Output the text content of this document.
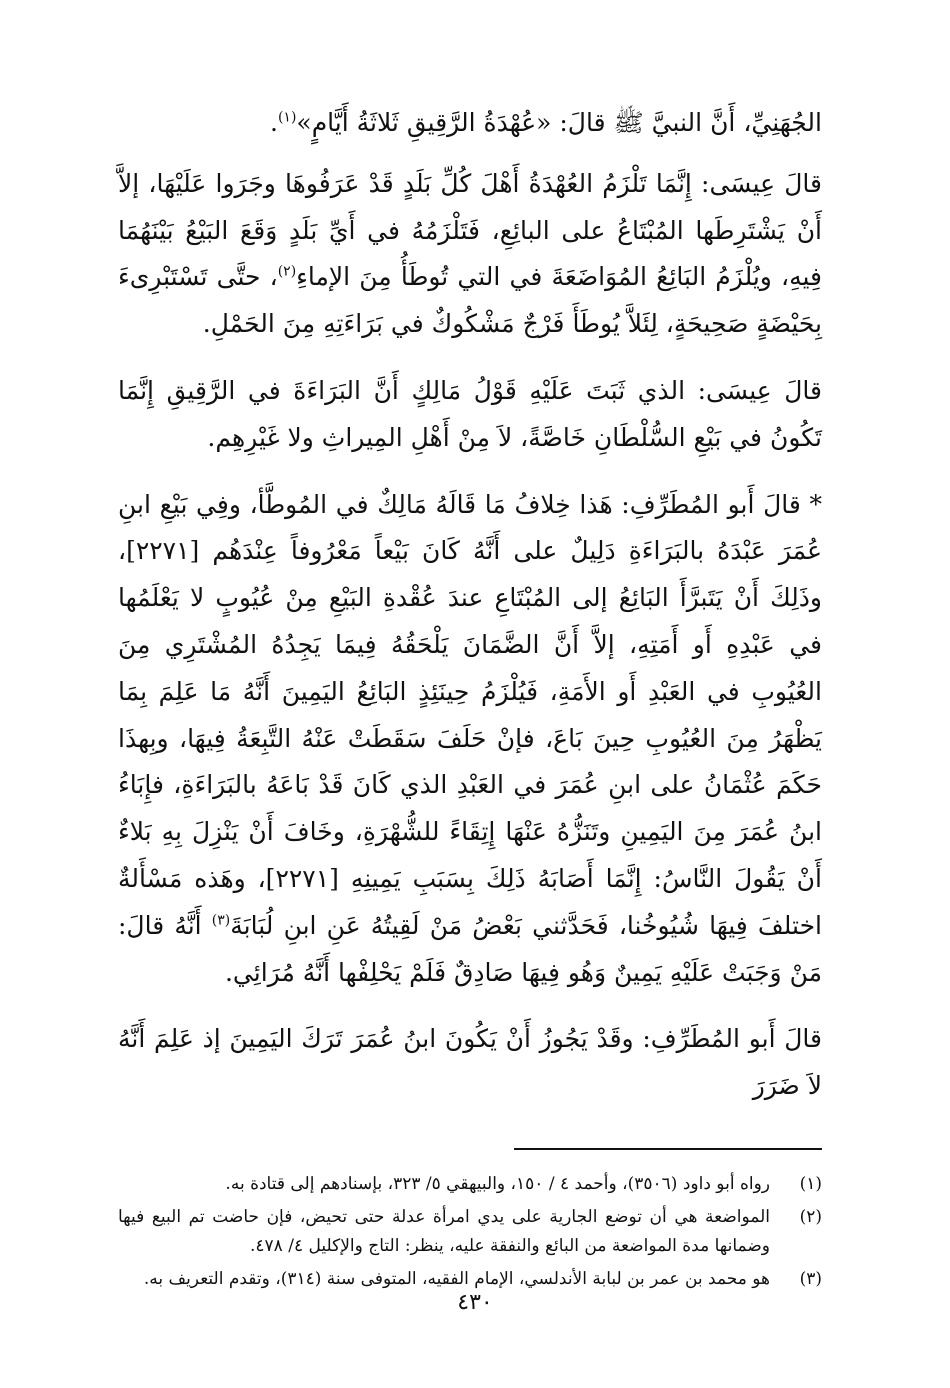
الجُهَنِيِّ، أَنَّ النبيَّ ﷺ قالَ: «عُهْدَةُ الرَّقِيقِ ثَلاثَةُ أَيَّامٍ»$^{(١)}$.

قالَ عِيسَى: إِنَّمَا تَلْزَمُ العُهْدَةُ أَهْلَ كُلِّ بَلَدٍ قَدْ عَرَفُوهَا وجَرَوا عَلَيْهَا، إلاَّ أَنْ يَشْتَرِطَها المُبْتَاعُ على البائِعِ، فَتَلْزَمُهُ في أَيِّ بَلَدٍ وَقَعَ البَيْعُ بَيْنَهُمَا فِيهِ، ويُلْزَمُ البَائِعُ المُوَاضَعَةَ في التي تُوطَأُ مِنَ الإماءِ$^{(٢)}$، حتَّى تَسْتَبْرِىءَ بِحَيْضَةٍ صَحِيحَةٍ، لِئَلاَّ يُوطَأَ فَرْجٌ مَشْكُوكٌ في بَرَاءَتِهِ مِنَ الحَمْلِ.

قالَ عِيسَى: الذي ثَبَتَ عَلَيْهِ قَوْلُ مَالِكٍ أَنَّ البَرَاءَةَ في الرَّقِيقِ إِنَّمَا تَكُونُ في بَيْعِ السُّلْطَانِ خَاصَّةً، لاَ مِنْ أَهْلِ المِيراثِ ولا غَيْرِهِم.

* قالَ أَبو المُطَرِّفِ: هَذا خِلافُ مَا قَالَهُ مَالِكٌ في المُوطَّأ، وفِي بَيْعِ ابنِ عُمَرَ عَبْدَهُ بالبَرَاءَةِ دَلِيلٌ على أَنَّهُ كَانَ بَيْعاً مَعْرُوفاً عِنْدَهُم [٢٢٧١]، وذَلِكَ أَنْ يَتَبرَّأَ البَائِعُ إلى المُبْتَاعِ عندَ عُقْدةِ البَيْعِ مِنْ عُيُوبٍ لا يَعْلَمُها في عَبْدِهِ أَو أَمَتِهِ، إلاَّ أَنَّ الضَّمَانَ يَلْحَقُهُ فِيمَا يَجِدُهُ المُشْتَرِي مِنَ العُيُوبِ في العَبْدِ أَو الأَمَةِ، فَيُلْزَمُ حِينَئِذٍ البَائِعُ اليَمِينَ أَنَّهُ مَا عَلِمَ بِمَا يَظْهَرُ مِنَ العُيُوبِ حِينَ بَاعَ، فإنْ حَلَفَ سَقَطَتْ عَنْهُ التَّبِعَةُ فِيهَا، وبِهذَا حَكَمَ عُثْمَانُ على ابنِ عُمَرَ في العَبْدِ الذي كَانَ قَدْ بَاعَهُ بالبَرَاءَةِ، فإِبَاءُ ابنُ عُمَرَ مِنَ اليَمِينِ وتَنَزُّهُ عَنْهَا إِتِقَاءً للشُّهْرَةِ، وخَافَ أَنْ يَنْزِلَ بِهِ بَلاءٌ أَنْ يَقُولَ النَّاسُ: إِنَّمَا أَصَابَهُ ذَلِكَ بِسَبَبِ يَمِينِهِ [٢٢٧١]، وهَذه مَسْأَلةٌ اختلفَ فِيهَا شُيُوخُنا، فَحَدَّثني بَعْضُ مَنْ لَقِيتُهُ عَنِ ابنِ لُبَابَةَ$^{(٣)}$ أَنَّهُ قالَ: مَنْ وَجَبَتْ عَلَيْهِ يَمِينٌ وَهُو فِيهَا صَادِقٌ فَلَمْ يَحْلِفْها أَنَّهُ مُرَائِي.

قالَ أَبو المُطَرِّفِ: وقَدْ يَجُوزُ أَنْ يَكُونَ ابنُ عُمَرَ تَرَكَ اليَمِينَ إذ عَلِمَ أَنَّهُ لاَ ضَرَرَ

(١)
رواه أبو داود (٣٥٠٦)، وأحمد ٤ / ١٥٠، والبيهقي ٥/ ٣٢٣، بإسنادهم إلى قتادة به.
(٢)
المواضعة هي أن توضع الجارية على يدي امرأة عدلة حتى تحيض، فإن حاضت تم البيع فيها وضمانها مدة المواضعة من البائع والنفقة عليه، ينظر: التاج والإكليل ٤/ ٤٧٨.
(٣)
هو محمد بن عمر بن لبابة الأندلسي، الإمام الفقيه، المتوفى سنة (٣١٤)، وتقدم التعريف به.
٤٣٠
